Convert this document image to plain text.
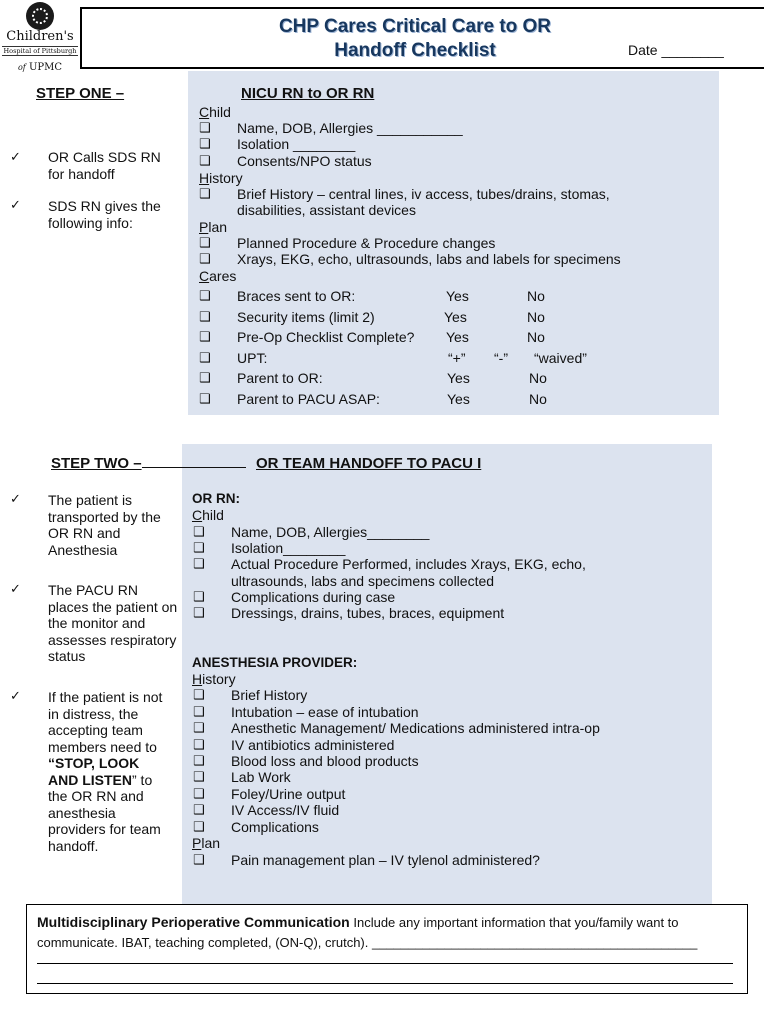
Children's
Hospital of Pittsburgh
of UPMC
CHP Cares Critical Care to OR
Handoff Checklist	Date ________
STEP ONE –	NICU RN to OR RN
✓ OR Calls SDS RN for handoff
✓ SDS RN gives the following info:
Child
❑ Name, DOB, Allergies ___________
❑ Isolation ________
❑ Consents/NPO status
History
❑ Brief History – central lines, iv access, tubes/drains, stomas,
disabilities, assistant devices
Plan
❑ Planned Procedure & Procedure changes
❑ Xrays, EKG, echo, ultrasounds, labs and labels for specimens
Cares
❑ Braces sent to OR:	Yes	No
❑ Security items (limit 2)	Yes	No
❑ Pre-Op Checklist Complete? Yes	No
❑ UPT:	“+” “-” “waived”
❑ Parent to OR:	Yes	No
❑ Parent to PACU ASAP:	Yes	No
STEP TWO –	OR TEAM HANDOFF TO PACU I
✓ The patient is transported by the OR RN and Anesthesia
✓ The PACU RN places the patient on the monitor and assesses respiratory status
✓ If the patient is not in distress, the accepting team members need to “STOP, LOOK AND LISTEN” to the OR RN and anesthesia providers for team handoff.
OR RN:
Child
❑ Name, DOB, Allergies________
❑ Isolation________
❑ Actual Procedure Performed, includes Xrays, EKG, echo,
ultrasounds, labs and specimens collected
❑ Complications during case
❑ Dressings, drains, tubes, braces, equipment
ANESTHESIA PROVIDER:
History
❑ Brief History
❑ Intubation – ease of intubation
❑ Anesthetic Management/ Medications administered intra-op
❑ IV antibiotics administered
❑ Blood loss and blood products
❑ Lab Work
❑ Foley/Urine output
❑ IV Access/IV fluid
❑ Complications
Plan
❑ Pain management plan – IV tylenol administered?
Multidisciplinary Perioperative Communication Include any important information that you/family want to
communicate. IBAT, teaching completed, (ON-Q), crutch). _____________________________________________
